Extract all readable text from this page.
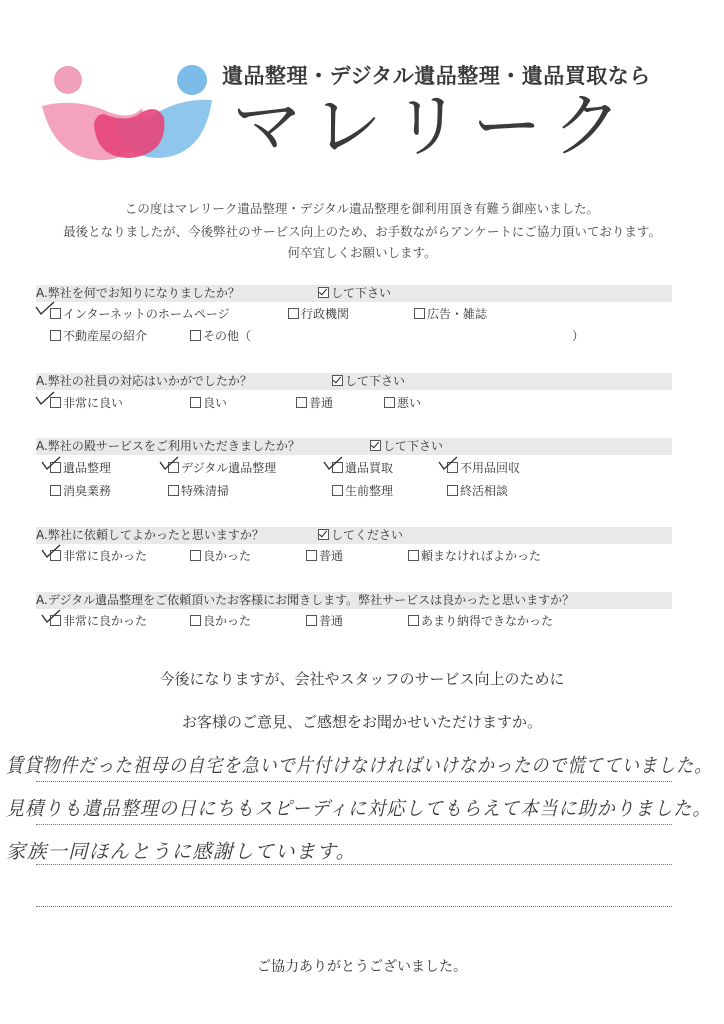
遺品整理・デジタル遺品整理・遺品買取なら
マレリーク
この度はマレリーク遺品整理・デジタル遺品整理を御利用頂き有難う御座いました。
最後となりましたが、今後弊社のサービス向上のため、お手数ながらアンケートにご協力頂いております。
何卒宜しくお願いします。
A.弊社を何でお知りになりましたか？	して下さい
インターネットのホームページ	行政機関	広告・雑誌
不動産屋の紹介	その他（	）
A.弊社の社員の対応はいかがでしたか？	して下さい
非常に良い	良い	普通	悪い
A.弊社の殿サービスをご利用いただきましたか？	して下さい
遺品整理	デジタル遺品整理	遺品買取	不用品回収
消臭業務	特殊清掃	生前整理	終活相談
A.弊社に依頼してよかったと思いますか？	してください
非常に良かった	良かった	普通	頼まなければよかった
A.デジタル遺品整理をご依頼頂いたお客様にお聞きします。弊社サービスは良かったと思いますか？
非常に良かった	良かった	普通	あまり納得できなかった
今後になりますが、会社やスタッフのサービス向上のために
お客様のご意見、ご感想をお聞かせいただけますか。
賃貸物件だった祖母の自宅を急いで片付けなければいけなかったので慌てていました。
見積りも遺品整理の日にちもスピーディに対応してもらえて本当に助かりました。
家族一同ほんとうに感謝しています。
ご協力ありがとうございました。
